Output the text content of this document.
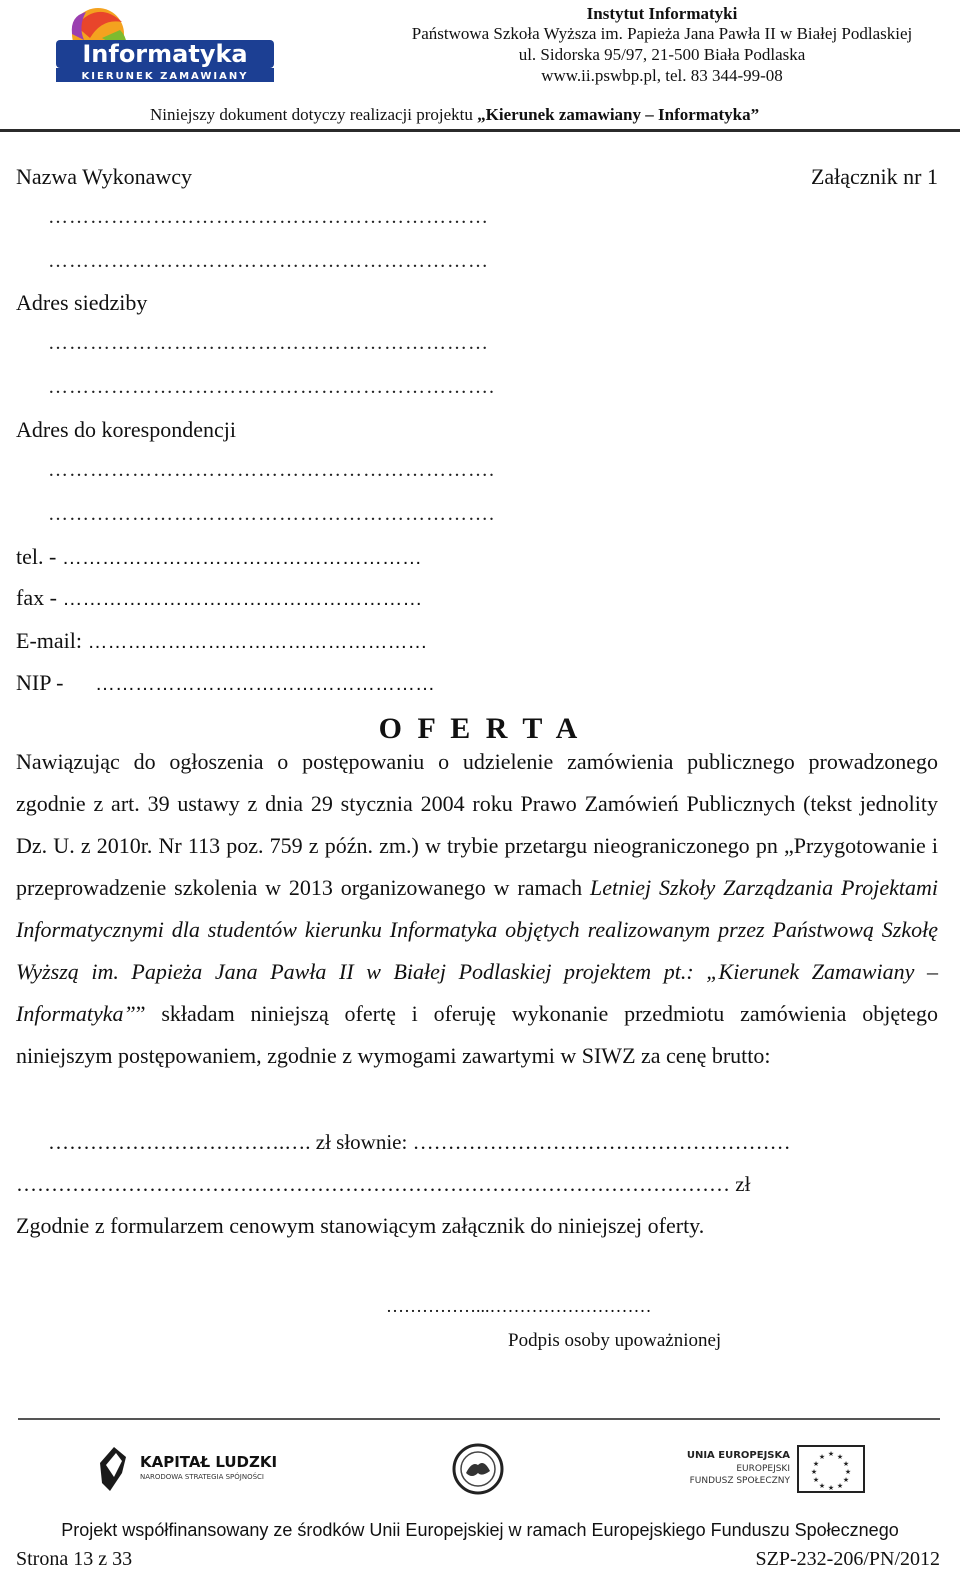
Informatyka
KIERUNEK ZAMAWIANY
Instytut Informatyki
Państwowa Szkoła Wyższa im. Papieża Jana Pawła II w Białej Podlaskiej
ul. Sidorska 95/97, 21-500 Biała Podlaska
www.ii.pswbp.pl, tel. 83 344-99-08
Niniejszy dokument dotyczy realizacji projektu „Kierunek zamawiany – Informatyka”
Nazwa Wykonawcy	Załącznik nr 1
………………………………………………………
………………………………………………………
Adres siedziby
………………………………………………………
……………………………………………………….
Adres do korespondencji
……………………………………………………….
……………………………………………………….
tel. - ………………………………………………
fax - ………………………………………………
E-mail: ……………………………………………
NIP - ……………………………………………
O F E R T A
Nawiązując do ogłoszenia o postępowaniu o udzielenie zamówienia publicznego prowadzonego zgodnie z art. 39 ustawy z dnia 29 stycznia 2004 roku Prawo Zamówień Publicznych (tekst jednolity Dz. U. z 2010r. Nr 113 poz. 759 z późn. zm.) w trybie przetargu nieograniczonego pn „Przygotowanie i przeprowadzenie szkolenia w 2013 organizowanego w ramach Letniej Szkoły Zarządzania Projektami Informatycznymi dla studentów kierunku Informatyka objętych realizowanym przez Państwową Szkołę Wyższą im. Papieża Jana Pawła II w Białej Podlaskiej projektem pt.: „Kierunek Zamawiany – Informatyka”” składam niniejszą ofertę i oferuję wykonanie przedmiotu zamówienia objętego niniejszym postępowaniem, zgodnie z wymogami zawartymi w SIWZ za cenę brutto:
…………………………….…. zł słownie: ………………………………………………
………………………………………………………………………………………… zł
Zgodnie z formularzem cenowym stanowiącym załącznik do niniejszej oferty.
……………...………………………
Podpis osoby upoważnionej
KAPITAŁ LUDZKI
NARODOWA STRATEGIA SPÓJNOŚCI
UNIA EUROPEJSKA
EUROPEJSKI
FUNDUSZ SPOŁECZNY
★ ★
★
★
★
★
★
★
★
★
★
★
Projekt współfinansowany ze środków Unii Europejskiej w ramach Europejskiego Funduszu Społecznego
Strona 13 z 33	SZP-232-206/PN/2012
